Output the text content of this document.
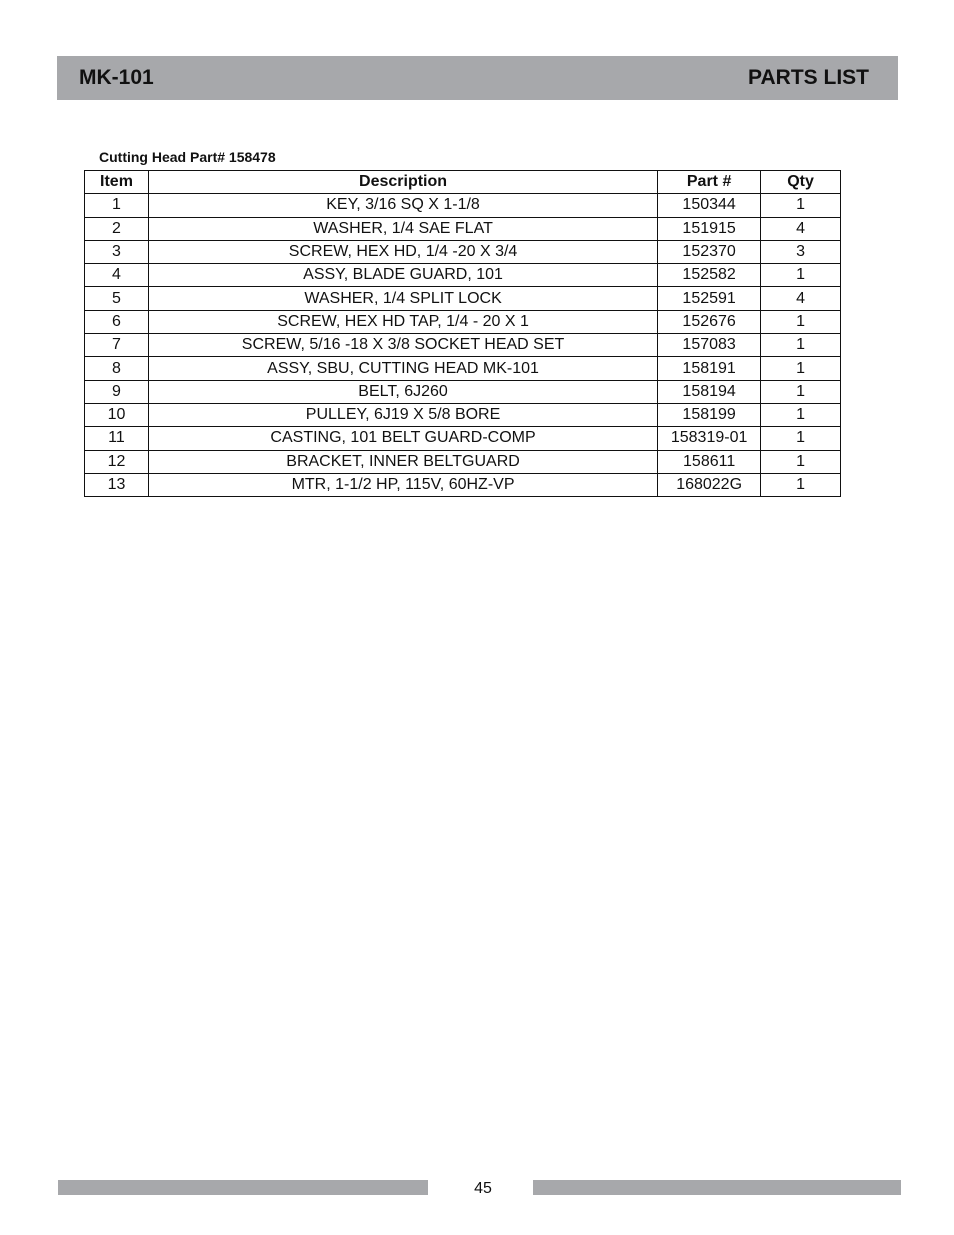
MK-101	PARTS LIST
Cutting Head Part# 158478
Item	Description	Part #	Qty
1	KEY, 3/16 SQ X 1-1/8	150344	1
2	WASHER, 1/4 SAE FLAT	151915	4
3	SCREW, HEX HD, 1/4 -20 X 3/4	152370	3
4	ASSY, BLADE GUARD, 101	152582	1
5	WASHER, 1/4 SPLIT LOCK	152591	4
6	SCREW, HEX HD TAP, 1/4 - 20 X 1	152676	1
7	SCREW, 5/16 -18 X 3/8 SOCKET HEAD SET	157083	1
8	ASSY, SBU, CUTTING HEAD MK-101	158191	1
9	BELT, 6J260	158194	1
10	PULLEY, 6J19 X 5/8 BORE	158199	1
11	CASTING, 101 BELT GUARD-COMP	158319-01	1
12	BRACKET, INNER BELTGUARD	158611	1
13	MTR, 1-1/2 HP, 115V, 60HZ-VP	168022G	1
45
